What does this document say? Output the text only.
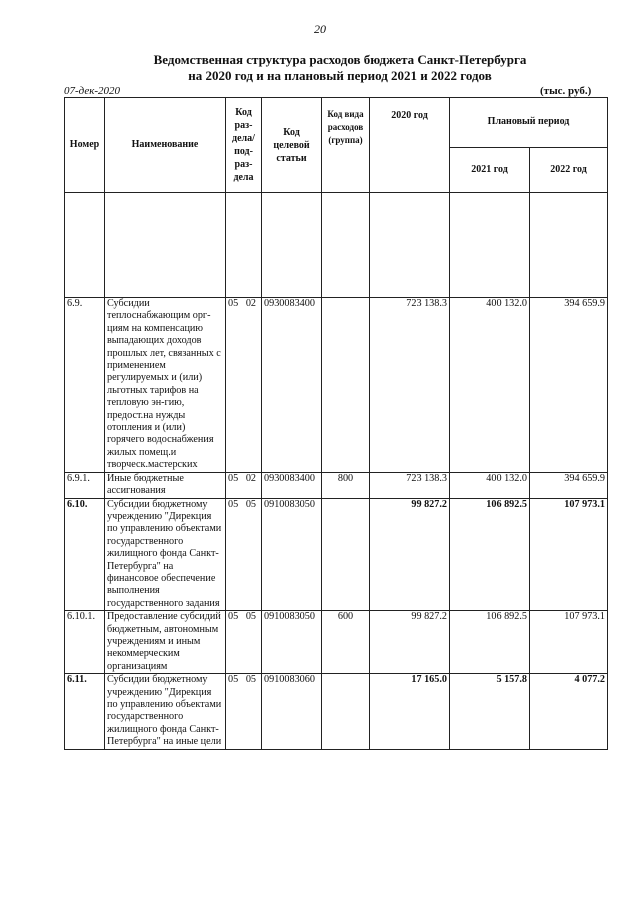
20
Ведомственная структура расходов бюджета Санкт-Петербурга
на 2020 год и на плановый период 2021 и 2022 годов
07-дек-2020	(тыс. руб.)
Номер	Наименование	Код раз-дела/ под-раз-дела	Код целевой статьи	Код вида расходов (группа)	2020 год	Плановый период	
						2021 год	2022 год

6.9.	Субсидии теплоснабжающим орг-циям на компенсацию выпадающих доходов прошлых лет, связанных с применением регулируемых и (или) льготных тарифов на тепловую эн-гию, предост.на нужды отопления и (или) горячего водоснабжения жилых помещ.и творческ.мастерских	05 02	0930083400		723 138.3	400 132.0	394 659.9
6.9.1.	Иные бюджетные ассигнования	05 02	0930083400	800	723 138.3	400 132.0	394 659.9
6.10.	Субсидии бюджетному учреждению "Дирекция по управлению объектами государственного жилищного фонда Санкт-Петербурга" на финансовое обеспечение выполнения государственного задания	05 05	0910083050		99 827.2	106 892.5	107 973.1
6.10.1.	Предоставление субсидий бюджетным, автономным учреждениям и иным некоммерческим организациям	05 05	0910083050	600	99 827.2	106 892.5	107 973.1
6.11.	Субсидии бюджетному учреждению "Дирекция по управлению объектами государственного жилищного фонда Санкт-Петербурга" на иные цели	05 05	0910083060		17 165.0	5 157.8	4 077.2
